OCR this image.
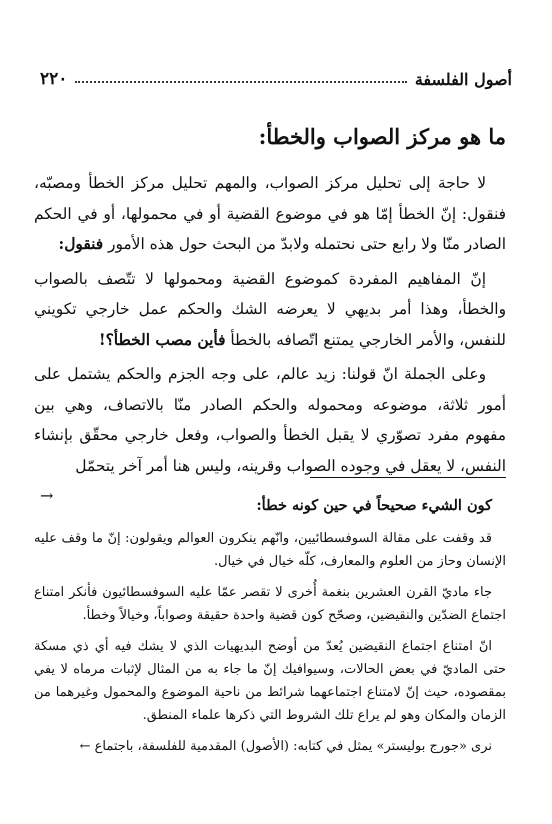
٢٢٠	أصول الفلسفة
ما هو مركز الصواب والخطأ:

لا حاجة إلى تحليل مركز الصواب، والمهم تحليل مركز الخطأ ومصبّه، فنقول: إنّ الخطأ إمّا هو في موضوع القضية أو في محمولها، أو في الحكم الصادر منّا ولا رابع حتى نحتمله ولابدّ من البحث حول هذه الأمور فنقول:

إنّ المفاهيم المفردة كموضوع القضية ومحمولها لا تتّصف بالصواب والخطأ، وهذا أمر بديهي لا يعرضه الشك والحكم عمل خارجي تكويني للنفس، والأمر الخارجي يمتنع اتّصافه بالخطأ فأين مصب الخطأ؟!

وعلى الجملة انّ قولنا: زيد عالم، على وجه الجزم والحكم يشتمل على أمور ثلاثة، موضوعه ومحموله والحكم الصادر منّا بالاتصاف، وهي بين مفهوم مفرد تصوّري لا يقبل الخطأ والصواب، وفعل خارجي محقّق بإنشاء النفس، لا يعقل في وجوده الصواب وقرينه، وليس هنا أمر آخر يتحمّل

→

كون الشيء صحيحاً في حين كونه خطأ:

قد وقفت على مقالة السوفسطائيين، وانّهم ينكرون العوالم ويقولون: إنّ ما وقف عليه الإنسان وحاز من العلوم والمعارف، كلّه خيال في خيال.

جاء ماديّ القرن العشرين بنغمة أُخرى لا تقصر عمّا عليه السوفسطائيون فأنكر امتناع اجتماع الضدّين والنقيضين، وصحّح كون قضية واحدة حقيقة وصواباً، وخيالاً وخطأ.

انّ امتناع اجتماع النقيضين يُعدّ من أوضح البديهيات الذي لا يشك فيه أي ذي مسكة حتى الماديّ في بعض الحالات، وسيوافيك إنّ ما جاء به من المثال لإثبات مرماه لا يفي بمقصوده، حيث إنّ لامتناع اجتماعهما شرائط من ناحية الموضوع والمحمول وغيرهما من الزمان والمكان وهو لم يراع تلك الشروط التي ذكرها علماء المنطق.

نرى «جورج بوليستر» يمثل في كتابه: (الأصول) المقدمية للفلسفة، باجتماع ←
